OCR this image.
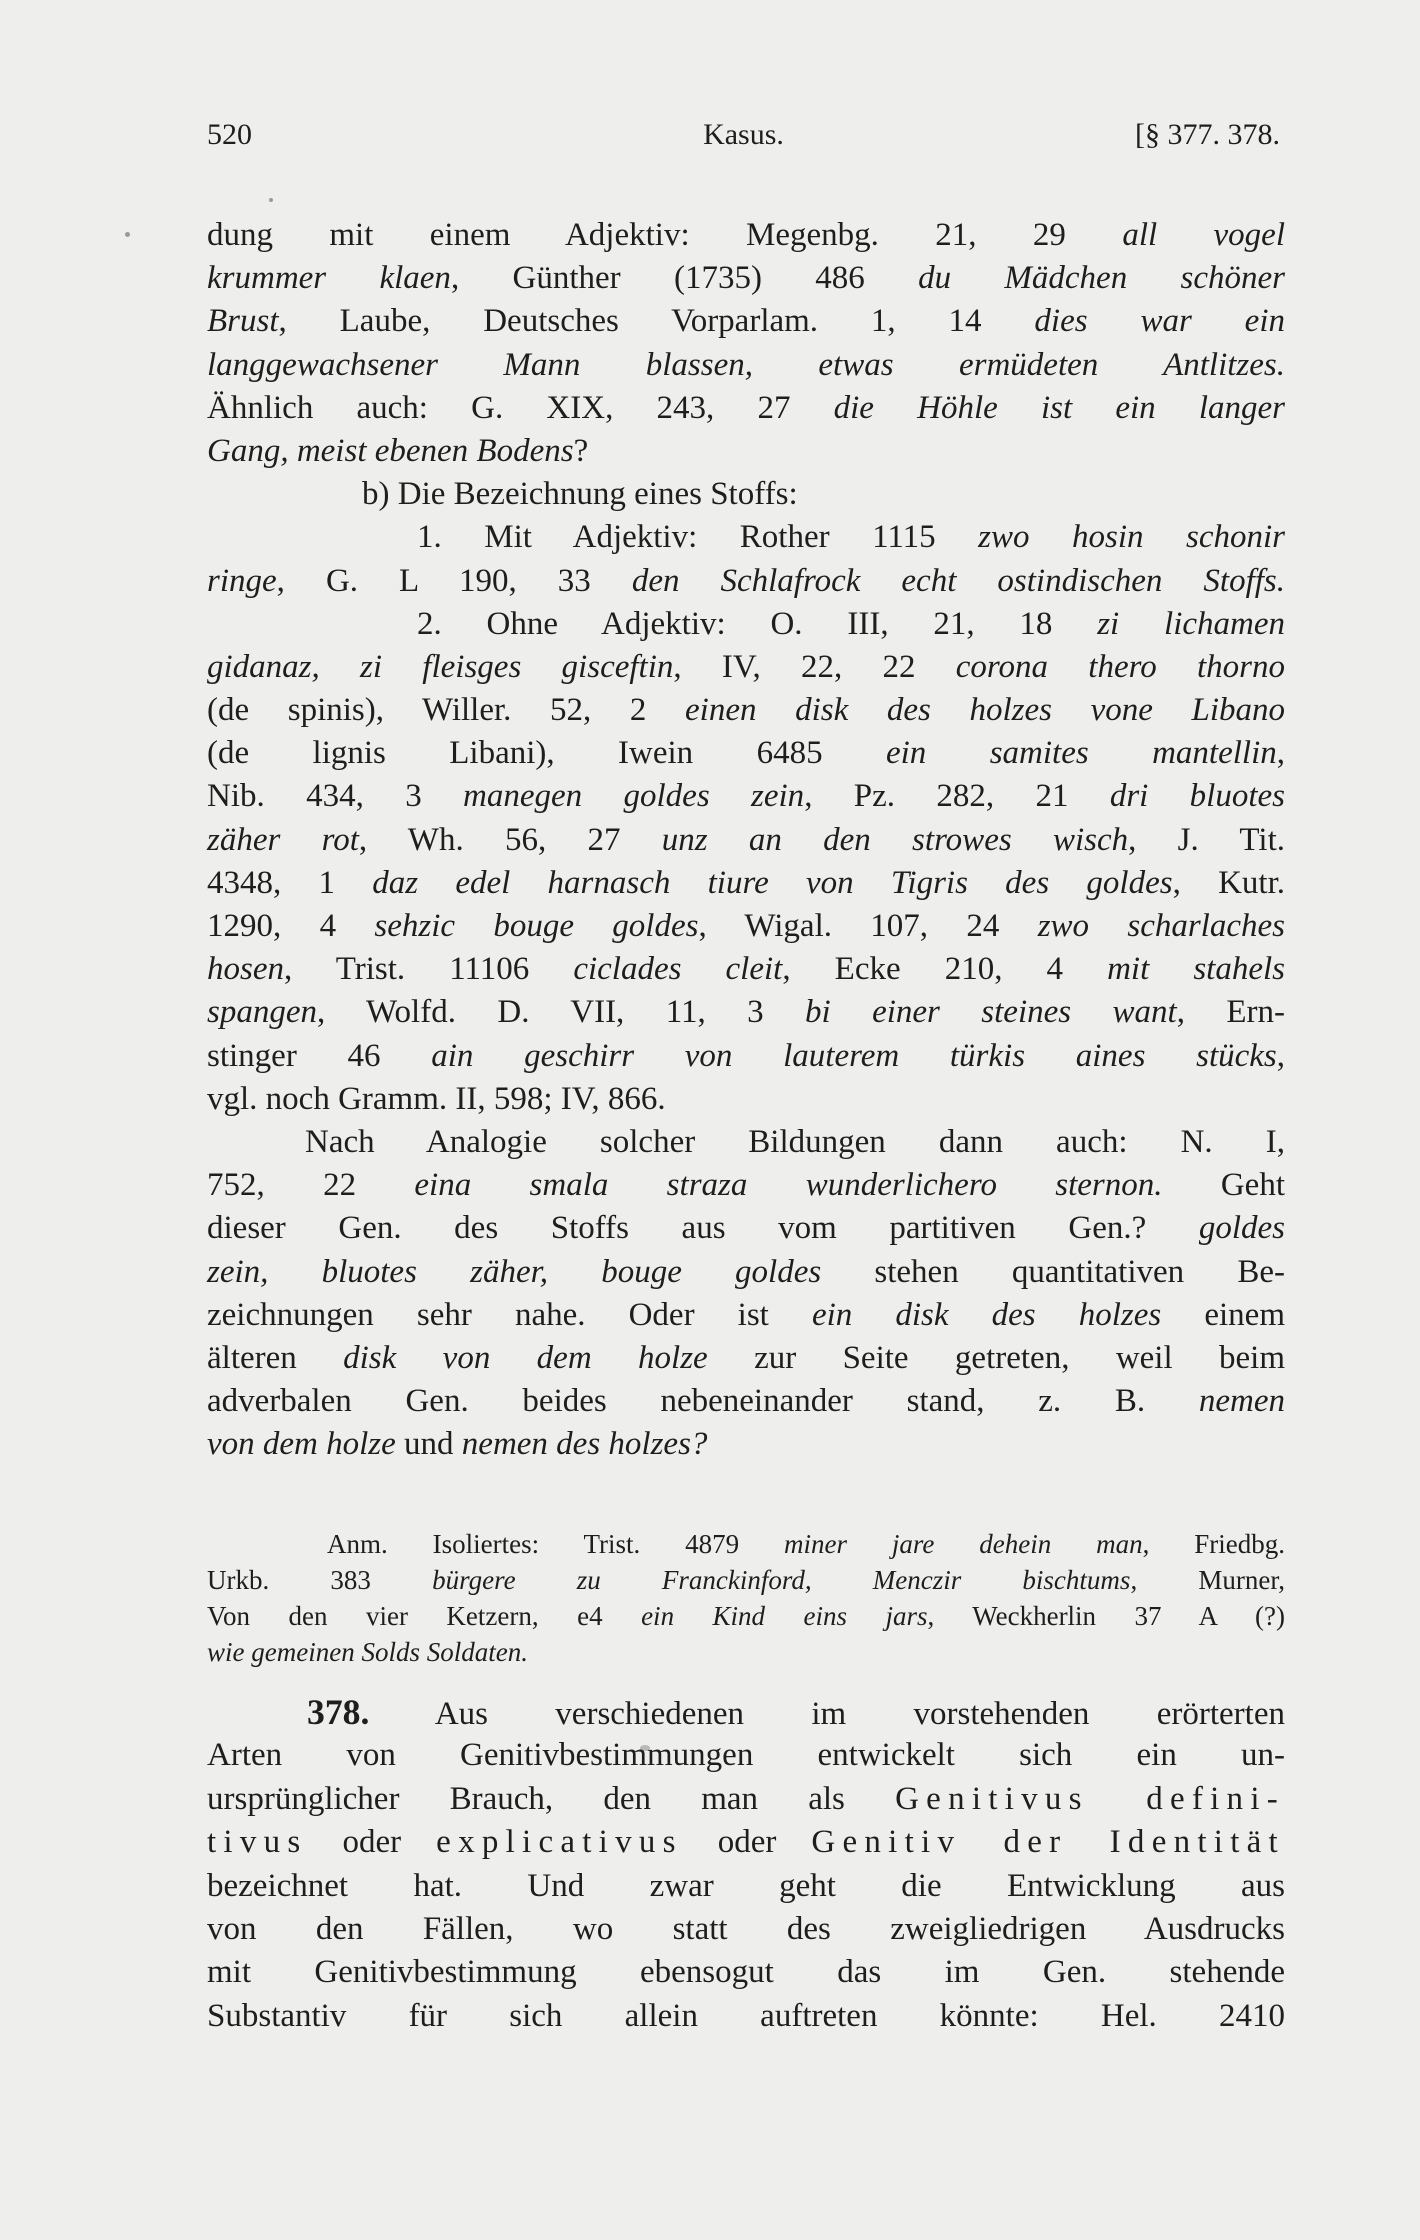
520	Kasus.	[§ 377. 378.
dung mit einem Adjektiv: Megenbg. 21, 29 all vogel
krummer klaen, Günther (1735) 486 du Mädchen schöner
Brust, Laube, Deutsches Vorparlam. 1, 14 dies war ein
langgewachsener Mann blassen, etwas ermüdeten Antlitzes.
Ähnlich auch: G. XIX, 243, 27 die Höhle ist ein langer
Gang, meist ebenen Bodens?
b) Die Bezeichnung eines Stoffs:
1. Mit Adjektiv: Rother 1115 zwo hosin schonir
ringe, G. L 190, 33 den Schlafrock echt ostindischen Stoffs.
2. Ohne Adjektiv: O. III, 21, 18 zi lichamen
gidanaz, zi fleisges gisceftin, IV, 22, 22 corona thero thorno
(de spinis), Willer. 52, 2 einen disk des holzes vone Libano
(de lignis Libani), Iwein 6485 ein samites mantellin,
Nib. 434, 3 manegen goldes zein, Pz. 282, 21 dri bluotes
zäher rot, Wh. 56, 27 unz an den strowes wisch, J. Tit.
4348, 1 daz edel harnasch tiure von Tigris des goldes, Kutr.
1290, 4 sehzic bouge goldes, Wigal. 107, 24 zwo scharlaches
hosen, Trist. 11106 ciclades cleit, Ecke 210, 4 mit stahels
spangen, Wolfd. D. VII, 11, 3 bi einer steines want, Ern-
stinger 46 ain geschirr von lauterem türkis aines stücks,
vgl. noch Gramm. II, 598; IV, 866.
Nach Analogie solcher Bildungen dann auch: N. I,
752, 22 eina smala straza wunderlichero sternon. Geht
dieser Gen. des Stoffs aus vom partitiven Gen.? goldes
zein, bluotes zäher, bouge goldes stehen quantitativen Be-
zeichnungen sehr nahe. Oder ist ein disk des holzes einem
älteren disk von dem holze zur Seite getreten, weil beim
adverbalen Gen. beides nebeneinander stand, z. B. nemen
von dem holze und nemen des holzes?
Anm. Isoliertes: Trist. 4879 miner jare dehein man, Friedbg.
Urkb. 383 bürgere zu Franckinford, Menczir bischtums, Murner,
Von den vier Ketzern, e4 ein Kind eins jars, Weckherlin 37 A (?)
wie gemeinen Solds Soldaten.
378. Aus verschiedenen im vorstehenden erörterten
Arten von Genitivbestimmungen entwickelt sich ein un-
ursprünglicher Brauch, den man als Genitivus defini-
tivus oder explicativus oder Genitiv der Identität
bezeichnet hat. Und zwar geht die Entwicklung aus
von den Fällen, wo statt des zweigliedrigen Ausdrucks
mit Genitivbestimmung ebensogut das im Gen. stehende
Substantiv für sich allein auftreten könnte: Hel. 2410
